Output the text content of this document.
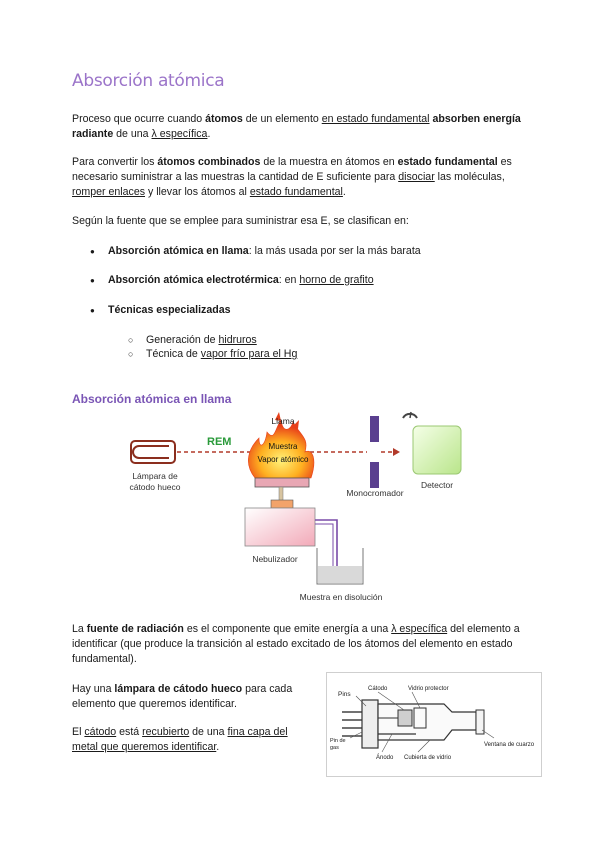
Absorción atómica
Proceso que ocurre cuando átomos de un elemento en estado fundamental absorben energía radiante de una λ específica.
Para convertir los átomos combinados de la muestra en átomos en estado fundamental es necesario suministrar a las muestras la cantidad de E suficiente para disociar las moléculas, romper enlaces y llevar los átomos al estado fundamental.
Según la fuente que se emplee para suministrar esa E, se clasifican en:
● Absorción atómica en llama: la más usada por ser la más barata
● Absorción atómica electrotérmica: en horno de grafito
● Técnicas especializadas
○ Generación de hidruros
○ Técnica de vapor frío para el Hg
Absorción atómica en llama
Lámpara de
cátodo hueco
REM
Llama
Muestra
Vapor atómico
Nebulizador
Muestra en disolución
Monocromador
Detector
La fuente de radiación es el componente que emite energía a una λ específica del elemento a identificar (que produce la transición al estado excitado de los átomos del elemento en estado fundamental).
Hay una lámpara de cátodo hueco para cada elemento que queremos identificar.
El cátodo está recubierto de una fina capa del metal que queremos identificar.
Pins
Cátodo	Vidrio protector
Pin de
gas
Ánodo Cubierta de vidrio
Ventana de cuarzo
